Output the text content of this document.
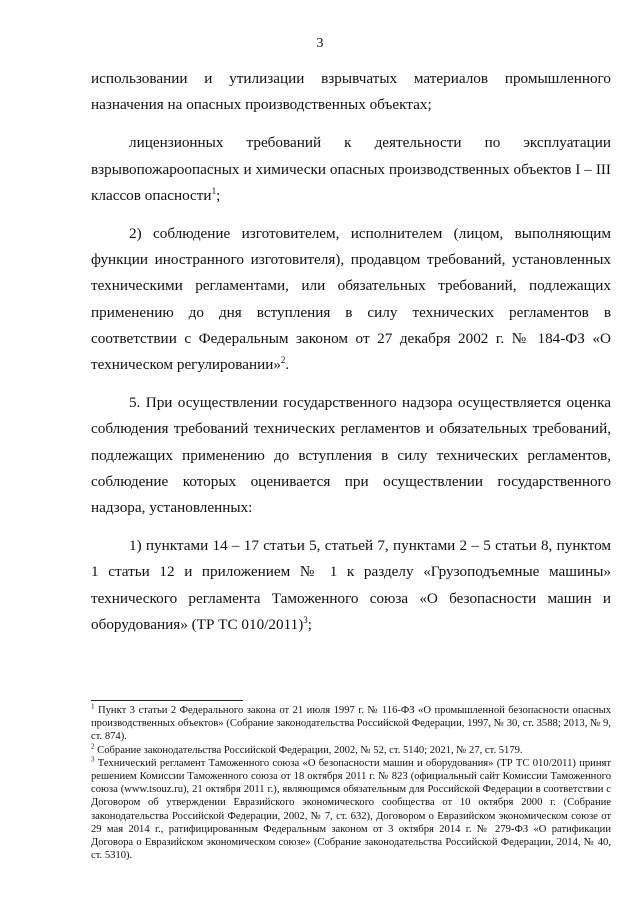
3

использовании и утилизации взрывчатых материалов промышленного назначения на опасных производственных объектах;

лицензионных требований к деятельности по эксплуатации взрывопожароопасных и химически опасных производственных объектов I – III классов опасности$^1$;

2) соблюдение изготовителем, исполнителем (лицом, выполняющим функции иностранного изготовителя), продавцом требований, установленных техническими регламентами, или обязательных требований, подлежащих применению до дня вступления в силу технических регламентов в соответствии с Федеральным законом от 27 декабря 2002 г. № 184-ФЗ «О техническом регулировании»$^2$.

5. При осуществлении государственного надзора осуществляется оценка соблюдения требований технических регламентов и обязательных требований, подлежащих применению до вступления в силу технических регламентов, соблюдение которых оценивается при осуществлении государственного надзора, установленных:

1) пунктами 14 – 17 статьи 5, статьей 7, пунктами 2 – 5 статьи 8, пунктом 1 статьи 12 и приложением № 1 к разделу «Грузоподъемные машины» технического регламента Таможенного союза «О безопасности машин и оборудования» (ТР ТС 010/2011)$^3$;

$^1$ Пункт 3 статьи 2 Федерального закона от 21 июля 1997 г. № 116-ФЗ «О промышленной безопасности опасных производственных объектов» (Собрание законодательства Российской Федерации, 1997, № 30, ст. 3588; 2013, № 9, ст. 874).

$^2$ Собрание законодательства Российской Федерации, 2002, № 52, ст. 5140; 2021, № 27, ст. 5179.

$^3$ Технический регламент Таможенного союза «О безопасности машин и оборудования» (ТР ТС 010/2011) принят решением Комиссии Таможенного союза от 18 октября 2011 г. № 823 (официальный сайт Комиссии Таможенного союза (www.tsouz.ru), 21 октября 2011 г.), являющимся обязательным для Российской Федерации в соответствии с Договором об утверждении Евразийского экономического сообщества от 10 октября 2000 г. (Собрание законодательства Российской Федерации, 2002, № 7, ст. 632), Договором о Евразийском экономическом союзе от 29 мая 2014 г., ратифицированным Федеральным законом от 3 октября 2014 г. № 279-ФЗ «О ратификации Договора о Евразийском экономическом союзе» (Собрание законодательства Российской Федерации, 2014, № 40, ст. 5310).
